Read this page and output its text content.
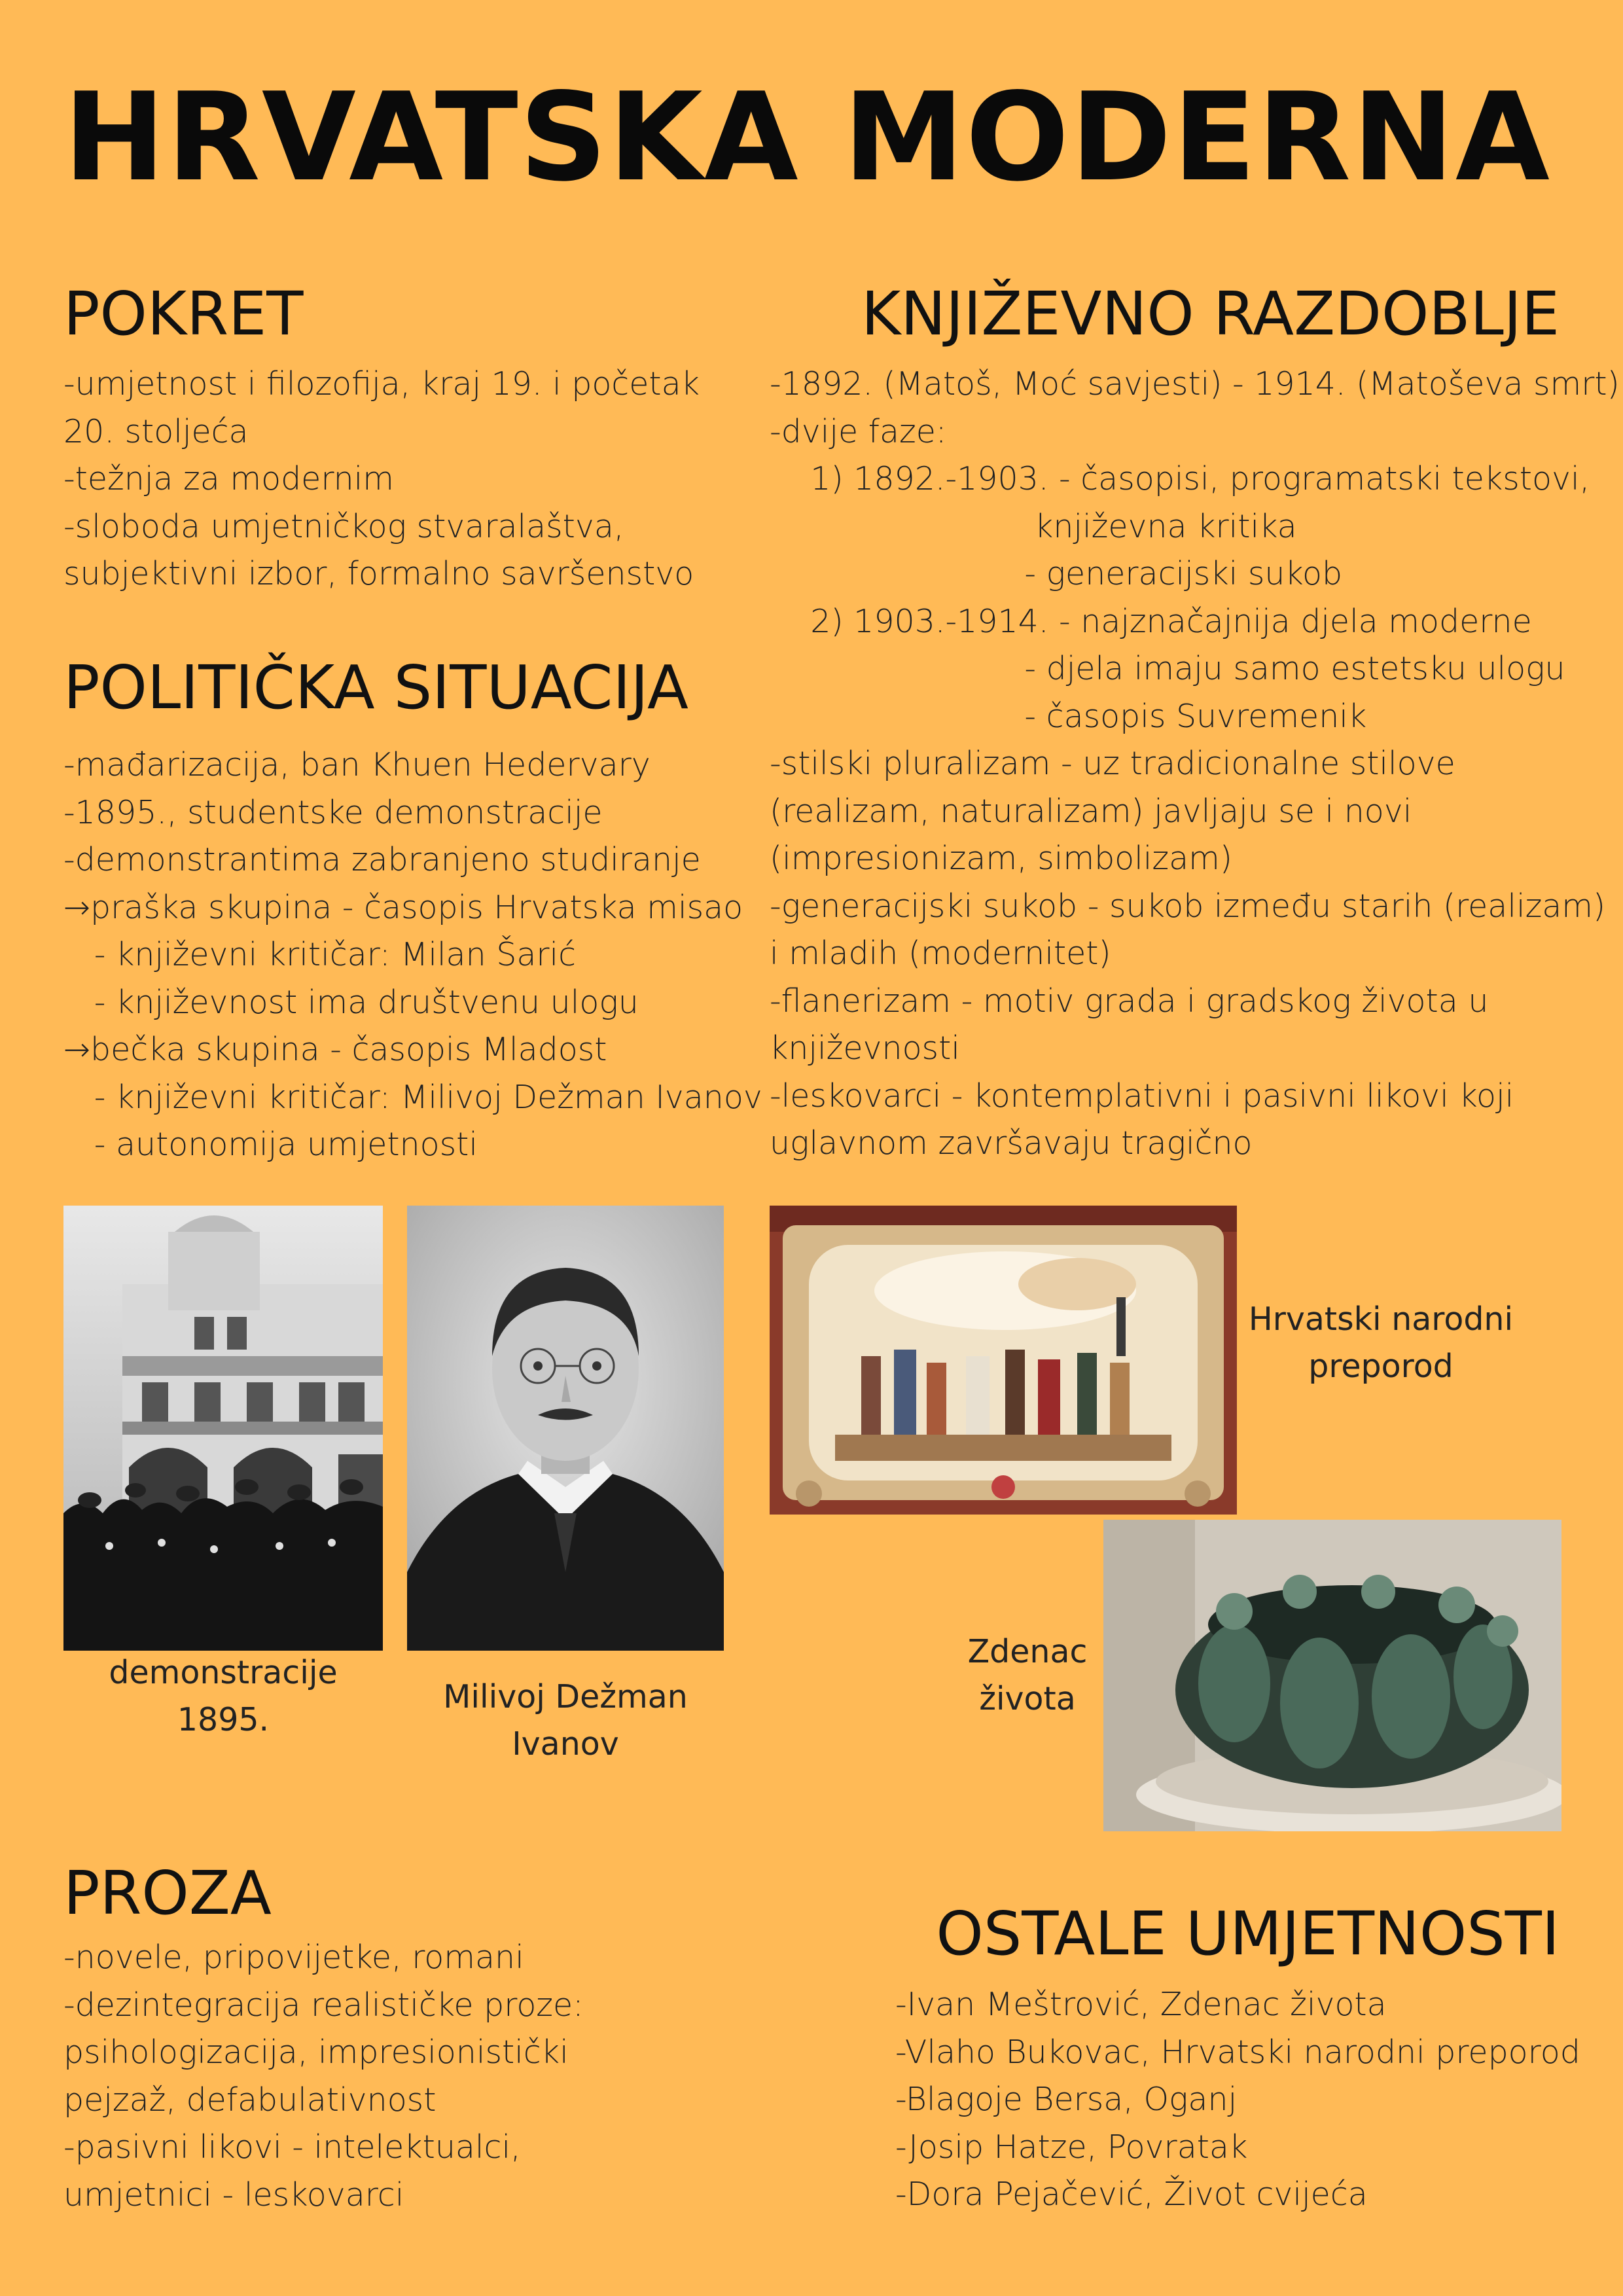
HRVATSKA MODERNA
POKRET
-umjetnost i filozofija, kraj 19. i početak
20. stoljeća
-težnja za modernim
-sloboda umjetničkog stvaralaštva,
subjektivni izbor, formalno savršenstvo
POLITIČKA SITUACIJA
-mađarizacija, ban Khuen Hedervary
-1895., studentske demonstracije
-demonstrantima zabranjeno studiranje
→praška skupina - časopis Hrvatska misao
- književni kritičar: Milan Šarić
- književnost ima društvenu ulogu
→bečka skupina - časopis Mladost
- književni kritičar: Milivoj Dežman Ivanov
- autonomija umjetnosti
KNJIŽEVNO RAZDOBLJE
-1892. (Matoš, Moć savjesti) - 1914. (Matoševa smrt)
-dvije faze:
1) 1892.-1903. - časopisi, programatski tekstovi,
književna kritika
- generacijski sukob
2) 1903.-1914. - najznačajnija djela moderne
- djela imaju samo estetsku ulogu
- časopis Suvremenik
-stilski pluralizam - uz tradicionalne stilove
(realizam, naturalizam) javljaju se i novi
(impresionizam, simbolizam)
-generacijski sukob - sukob između starih (realizam)
i mladih (modernitet)
-flanerizam - motiv grada i gradskog života u
književnosti
-leskovarci - kontemplativni i pasivni likovi koji
uglavnom završavaju tragično
demonstracije
1895.
Milivoj Dežman
Ivanov
Hrvatski narodni
preporod
Zdenac
života
PROZA
-novele, pripovijetke, romani
-dezintegracija realističke proze:
psihologizacija, impresionistički
pejzaž, defabulativnost
-pasivni likovi - intelektualci,
umjetnici - leskovarci
OSTALE UMJETNOSTI
-Ivan Meštrović, Zdenac života
-Vlaho Bukovac, Hrvatski narodni preporod
-Blagoje Bersa, Oganj
-Josip Hatze, Povratak
-Dora Pejačević, Život cvijeća
